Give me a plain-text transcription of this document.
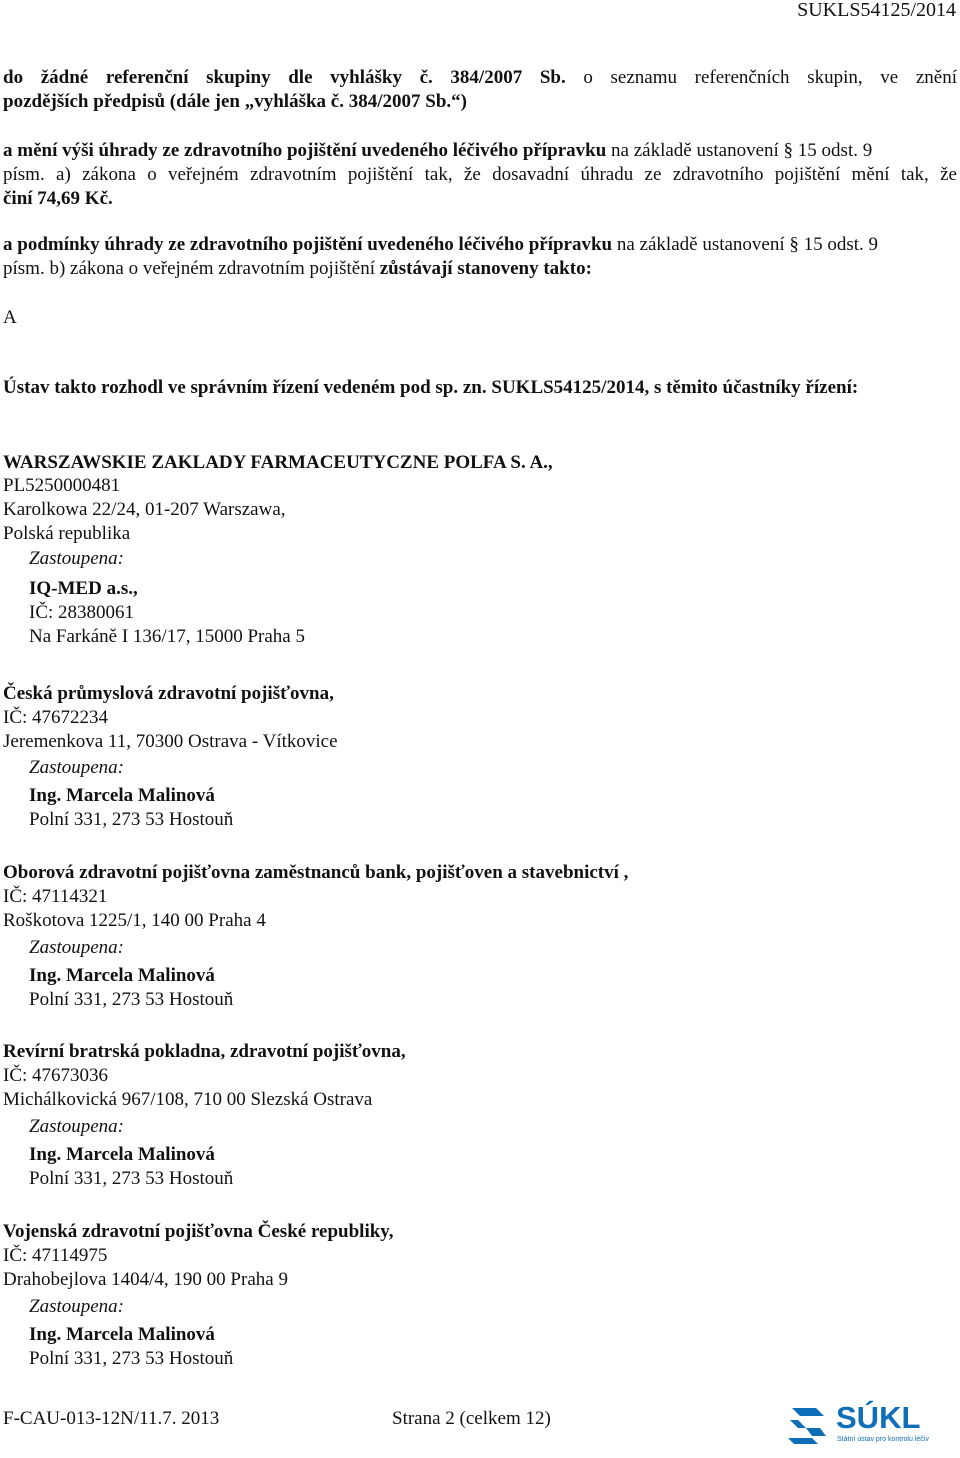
SUKLS54125/2014
do žádné referenční skupiny dle vyhlášky č. 384/2007 Sb. o seznamu referenčních skupin, ve znění
pozdějších předpisů (dále jen „vyhláška č. 384/2007 Sb.“)
a mění výši úhrady ze zdravotního pojištění uvedeného léčivého přípravku na základě ustanovení § 15 odst. 9
písm. a) zákona o veřejném zdravotním pojištění tak, že dosavadní úhradu ze zdravotního pojištění mění tak, že
činí 74,69 Kč.
a podmínky úhrady ze zdravotního pojištění uvedeného léčivého přípravku na základě ustanovení § 15 odst. 9
písm. b) zákona o veřejném zdravotním pojištění zůstávají stanoveny takto:
A
Ústav takto rozhodl ve správním řízení vedeném pod sp. zn. SUKLS54125/2014, s těmito účastníky řízení:
WARSZAWSKIE ZAKLADY FARMACEUTYCZNE POLFA S. A.,
PL5250000481
Karolkowa 22/24, 01-207 Warszawa,
Polská republika
Zastoupena:
IQ-MED a.s.,
IČ: 28380061
Na Farkáně I 136/17, 15000 Praha 5
Česká průmyslová zdravotní pojišťovna,
IČ: 47672234
Jeremenkova 11, 70300 Ostrava - Vítkovice
Zastoupena:
Ing. Marcela Malinová
Polní 331, 273 53 Hostouň
Oborová zdravotní pojišťovna zaměstnanců bank, pojišťoven a stavebnictví ,
IČ: 47114321
Roškotova 1225/1, 140 00 Praha 4
Zastoupena:
Ing. Marcela Malinová
Polní 331, 273 53 Hostouň
Revírní bratrská pokladna, zdravotní pojišťovna,
IČ: 47673036
Michálkovická 967/108, 710 00 Slezská Ostrava
Zastoupena:
Ing. Marcela Malinová
Polní 331, 273 53 Hostouň
Vojenská zdravotní pojišťovna České republiky,
IČ: 47114975
Drahobejlova 1404/4, 190 00 Praha 9
Zastoupena:
Ing. Marcela Malinová
Polní 331, 273 53 Hostouň
F-CAU-013-12N/11.7. 2013	Strana 2 (celkem 12)	SÚKL
Státní ústav pro kontrolu léčiv
